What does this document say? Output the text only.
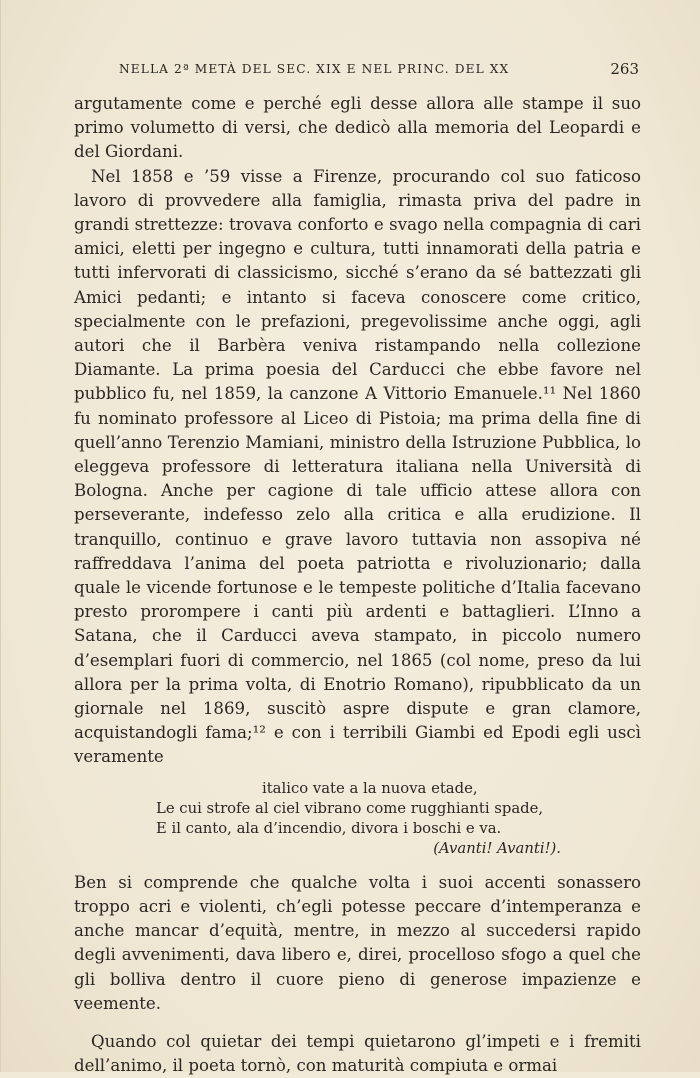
NELLA 2ª METÀ DEL SEC. XIX E NEL PRINC. DEL XX	263

argutamente come e perché egli desse allora alle stampe il suo primo volumetto di versi, che dedicò alla memoria del Leopardi e del Giordani.

Nel 1858 e ’59 visse a Firenze, procurando col suo faticoso lavoro di provvedere alla famiglia, rimasta priva del padre in grandi strettezze: trovava conforto e svago nella compagnia di cari amici, eletti per ingegno e cultura, tutti innamorati della patria e tutti infervorati di classicismo, sicché s’erano da sé battezzati gli Amici pedanti; e intanto si faceva conoscere come critico, specialmente con le prefazioni, pregevolissime anche oggi, agli autori che il Barbèra veniva ristampando nella collezione Diamante. La prima poesia del Carducci che ebbe favore nel pubblico fu, nel 1859, la canzone A Vittorio Emanuele.¹¹ Nel 1860 fu nominato professore al Liceo di Pistoia; ma prima della fine di quell’anno Terenzio Mamiani, ministro della Istruzione Pubblica, lo eleggeva professore di letteratura italiana nella Università di Bologna. Anche per cagione di tale ufficio attese allora con perseverante, indefesso zelo alla critica e alla erudizione. Il tranquillo, continuo e grave lavoro tuttavia non assopiva né raffreddava l’anima del poeta patriotta e rivoluzionario; dalla quale le vicende fortunose e le tempeste politiche d’Italia facevano presto prorompere i canti più ardenti e battaglieri. L’Inno a Satana, che il Carducci aveva stampato, in piccolo numero d’esemplari fuori di commercio, nel 1865 (col nome, preso da lui allora per la prima volta, di Enotrio Romano), ripubblicato da un giornale nel 1869, suscitò aspre dispute e gran clamore, acquistandogli fama;¹² e con i terribili Giambi ed Epodi egli uscì veramente

italico vate a la nuova etade,
Le cui strofe al ciel vibrano come rugghianti spade,
E il canto, ala d’incendio, divora i boschi e va.
(Avanti! Avanti!).

Ben si comprende che qualche volta i suoi accenti sonassero troppo acri e violenti, ch’egli potesse peccare d’intemperanza e anche mancar d’equità, mentre, in mezzo al succedersi rapido degli avvenimenti, dava libero e, direi, procelloso sfogo a quel che gli bolliva dentro il cuore pieno di generose impazienze e veemente.

Quando col quietar dei tempi quietarono gl’impeti e i fremiti dell’animo, il poeta tornò, con maturità compiuta e ormai
